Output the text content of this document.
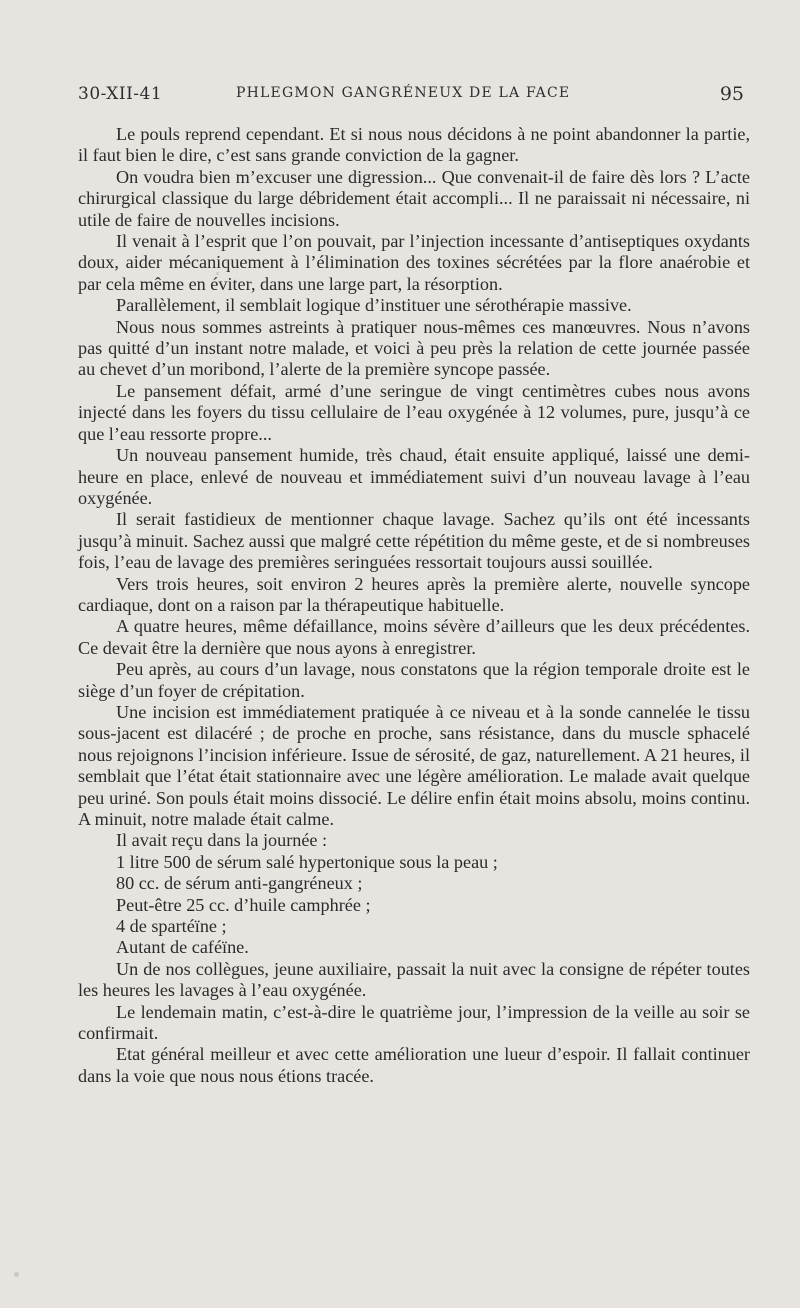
30-XII-41	PHLEGMON GANGRÉNEUX DE LA FACE	95

Le pouls reprend cependant. Et si nous nous décidons à ne point abandonner la partie, il faut bien le dire, c’est sans grande conviction de la gagner.

On voudra bien m’excuser une digression... Que convenait-il de faire dès lors ? L’acte chirurgical classique du large débridement était accompli... Il ne paraissait ni nécessaire, ni utile de faire de nouvelles incisions.

Il venait à l’esprit que l’on pouvait, par l’injection incessante d’antiseptiques oxydants doux, aider mécaniquement à l’élimination des toxines sécrétées par la flore anaérobie et par cela même en éviter, dans une large part, la résorption.

Parallèlement, il semblait logique d’instituer une sérothérapie massive.

Nous nous sommes astreints à pratiquer nous-mêmes ces manœuvres. Nous n’avons pas quitté d’un instant notre malade, et voici à peu près la relation de cette journée passée au chevet d’un moribond, l’alerte de la première syncope passée.

Le pansement défait, armé d’une seringue de vingt centimètres cubes nous avons injecté dans les foyers du tissu cellulaire de l’eau oxygénée à 12 volumes, pure, jusqu’à ce que l’eau ressorte propre...

Un nouveau pansement humide, très chaud, était ensuite appliqué, laissé une demi-heure en place, enlevé de nouveau et immédiatement suivi d’un nouveau lavage à l’eau oxygénée.

Il serait fastidieux de mentionner chaque lavage. Sachez qu’ils ont été incessants jusqu’à minuit. Sachez aussi que malgré cette répétition du même geste, et de si nombreuses fois, l’eau de lavage des premières seringuées ressortait toujours aussi souillée.

Vers trois heures, soit environ 2 heures après la première alerte, nouvelle syncope cardiaque, dont on a raison par la thérapeutique habituelle.

A quatre heures, même défaillance, moins sévère d’ailleurs que les deux précédentes. Ce devait être la dernière que nous ayons à enregistrer.

Peu après, au cours d’un lavage, nous constatons que la région temporale droite est le siège d’un foyer de crépitation.

Une incision est immédiatement pratiquée à ce niveau et à la sonde cannelée le tissu sous-jacent est dilacéré ; de proche en proche, sans résistance, dans du muscle sphacelé nous rejoignons l’incision inférieure. Issue de sérosité, de gaz, naturellement. A 21 heures, il semblait que l’état était stationnaire avec une légère amélioration. Le malade avait quelque peu uriné. Son pouls était moins dissocié. Le délire enfin était moins absolu, moins continu. A minuit, notre malade était calme.

Il avait reçu dans la journée :

1 litre 500 de sérum salé hypertonique sous la peau ;

80 cc. de sérum anti-gangréneux ;

Peut-être 25 cc. d’huile camphrée ;

4 de spartéïne ;

Autant de caféïne.

Un de nos collègues, jeune auxiliaire, passait la nuit avec la consigne de répéter toutes les heures les lavages à l’eau oxygénée.

Le lendemain matin, c’est-à-dire le quatrième jour, l’impression de la veille au soir se confirmait.

Etat général meilleur et avec cette amélioration une lueur d’espoir. Il fallait continuer dans la voie que nous nous étions tracée.
